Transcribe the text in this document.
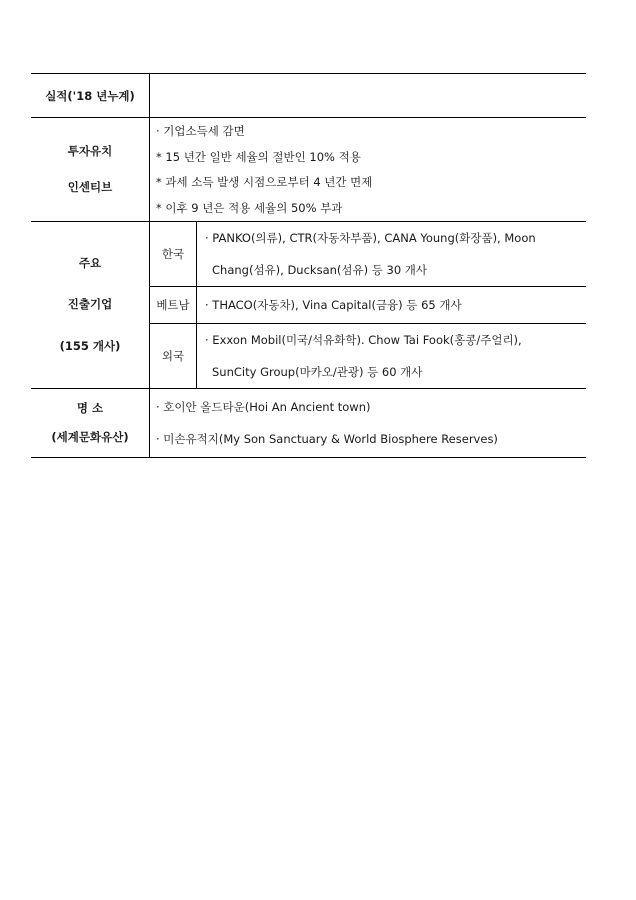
실적('18 년누계)		

투자유치
인센티브	· 기업소득세 감면
* 15 년간 일반 세율의 절반인 10% 적용
* 과세 소득 발생 시점으로부터 4 년간 면제
* 이후 9 년은 적용 세율의 50% 부과	

주요
진출기업
(155 개사)	한국	· PANKO(의류), CTR(자동차부품), CANA Young(화장품), Moon
Chang(섬유), Ducksan(섬유) 등 30 개사

	베트남	· THACO(자동차), Vina Capital(금융) 등 65 개사

	외국	· Exxon Mobil(미국/석유화학). Chow Tai Fook(홍콩/주얼리),
SunCity Group(마카오/관광) 등 60 개사

명 소
(세계문화유산)	· 호이안 올드타운(Hoi An Ancient town)
· 미손유적지(My Son Sanctuary & World Biosphere Reserves)	
